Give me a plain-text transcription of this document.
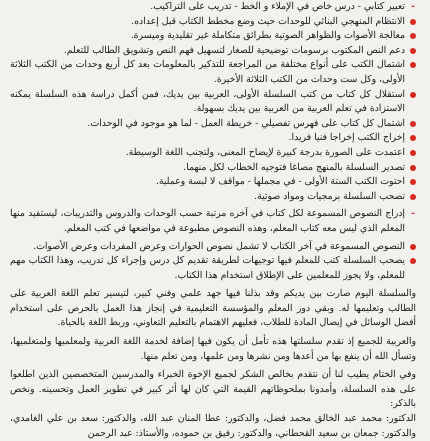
-
تعبير كتابي - درس خاص في الإملاء و الخط - تدريب على التراكيب.
الانتظام المنهجي البنائي للوحدات حيث وضع مخطط الكتاب قبل إعداده.
معالجة الأصوات والظواهر الصوتية بطرائق متكاملة غير تقليدية وميسرة.
دعم النص المكتوب برسومات توضيحية للصغار لتسهيل فهم النص وتشويق الطالب للتعلم.
اشتمال الكتب على أنواع مختلفة من المراجعة للتذكير بالمعلومات بعد كل أربع وحدات من الكتب الثلاثة الأولى، وكل ست وحدات من الكتب الثلاثة الأخيرة.
استقلال كل كتاب من كتب السلسلة الأولى، العربية بين يديك، فمن أكمل دراسة هذه السلسلة يمكنه الاستزادة في تعلم العربية من العربية بين يديك بسهولة.
اشتمال كل كتاب على فهرس تفصيلي - خريطة العمل - لما هو موجود في الوحدات.
إخراج الكتب إخراجا فنيا فريدا.
اعتمدت على الصورة بدرجة كبيرة لإيضاح المعنى، ولتجنب اللغة الوسيطة.
تصدير السلسلة بالمنهج مصاغا فتوجيه الخطاب لكل منهما.
احتوت الكتب الستة الأولى - في مجملها - مواقف لا لبسة وعملية.
تصحب السلسلة برمجيات ومواد صوتية.
-
إدراج النصوص المسموعة لكل كتاب في آخره مرتبة حسب الوحدات والدروس والتدريبات، ليستفيد منها المعلم الذي ليس معه كتاب المعلم، وهذه النصوص مطبوعة في مواضعها في كتب المعلم.
النصوص المسموعة في آخر الكتاب لا تشمل نصوص الحوارات وعرض المفردات وعرض الأصوات.
يصحب السلسلة كتب للمعلم فيها توجيهات لطريقة تقديم كل درس وإجراء كل تدريب، وهذا الكتاب مهم للمعلم، ولا يجوز للمعلمين على الإطلاق استخدام هذا الكتاب.

والسلسلة اليوم صارت بين يديكم وقد بذلنا فيها جهد علمي وفني كبير، لتيسير تعلم اللغة العربية على الطالب وتعليمها له. وبقي دور المعلم والمؤسسة التعليمية في إنجاز هذا العمل بالحرص على استخدام أفضل الوسائل في إيصال المادة للطلاب، فعليهم الاهتمام بالتعليم التعاوني، وربط اللغة بالحياة.

والعربية للجميع إذ تقدم سلسلتها هذه تأمل أن يكون فيها إضافة لخدمة اللغة العربية ولمعلميها ولمتعلميها، وتسأل الله أن ينفع بها من أعدها ومن نشرها ومن علمها، ومن تعلم منها.

وفي الختام يطيب لنا أن نتقدم بخالص الشكر لجميع الإخوة الخبراء والمدرسين المتخصصين الذين اطلعوا على هذه السلسلة، وأمدونا بملحوظاتهم القيمة التي كان لها أثر كبير في تطوير العمل وتحسينه. ونخص بالذكر:

الدكتور: محمد عبد الخالق محمد فضل، والدكتور: عطا المنان عبد الله، والدكتور: سعد بن علي الغامدي، والدكتور: جمعان بن سعيد القحطاني، والدكتور: رفيق بن حموده، والأستاذ: عبد الرحمن
